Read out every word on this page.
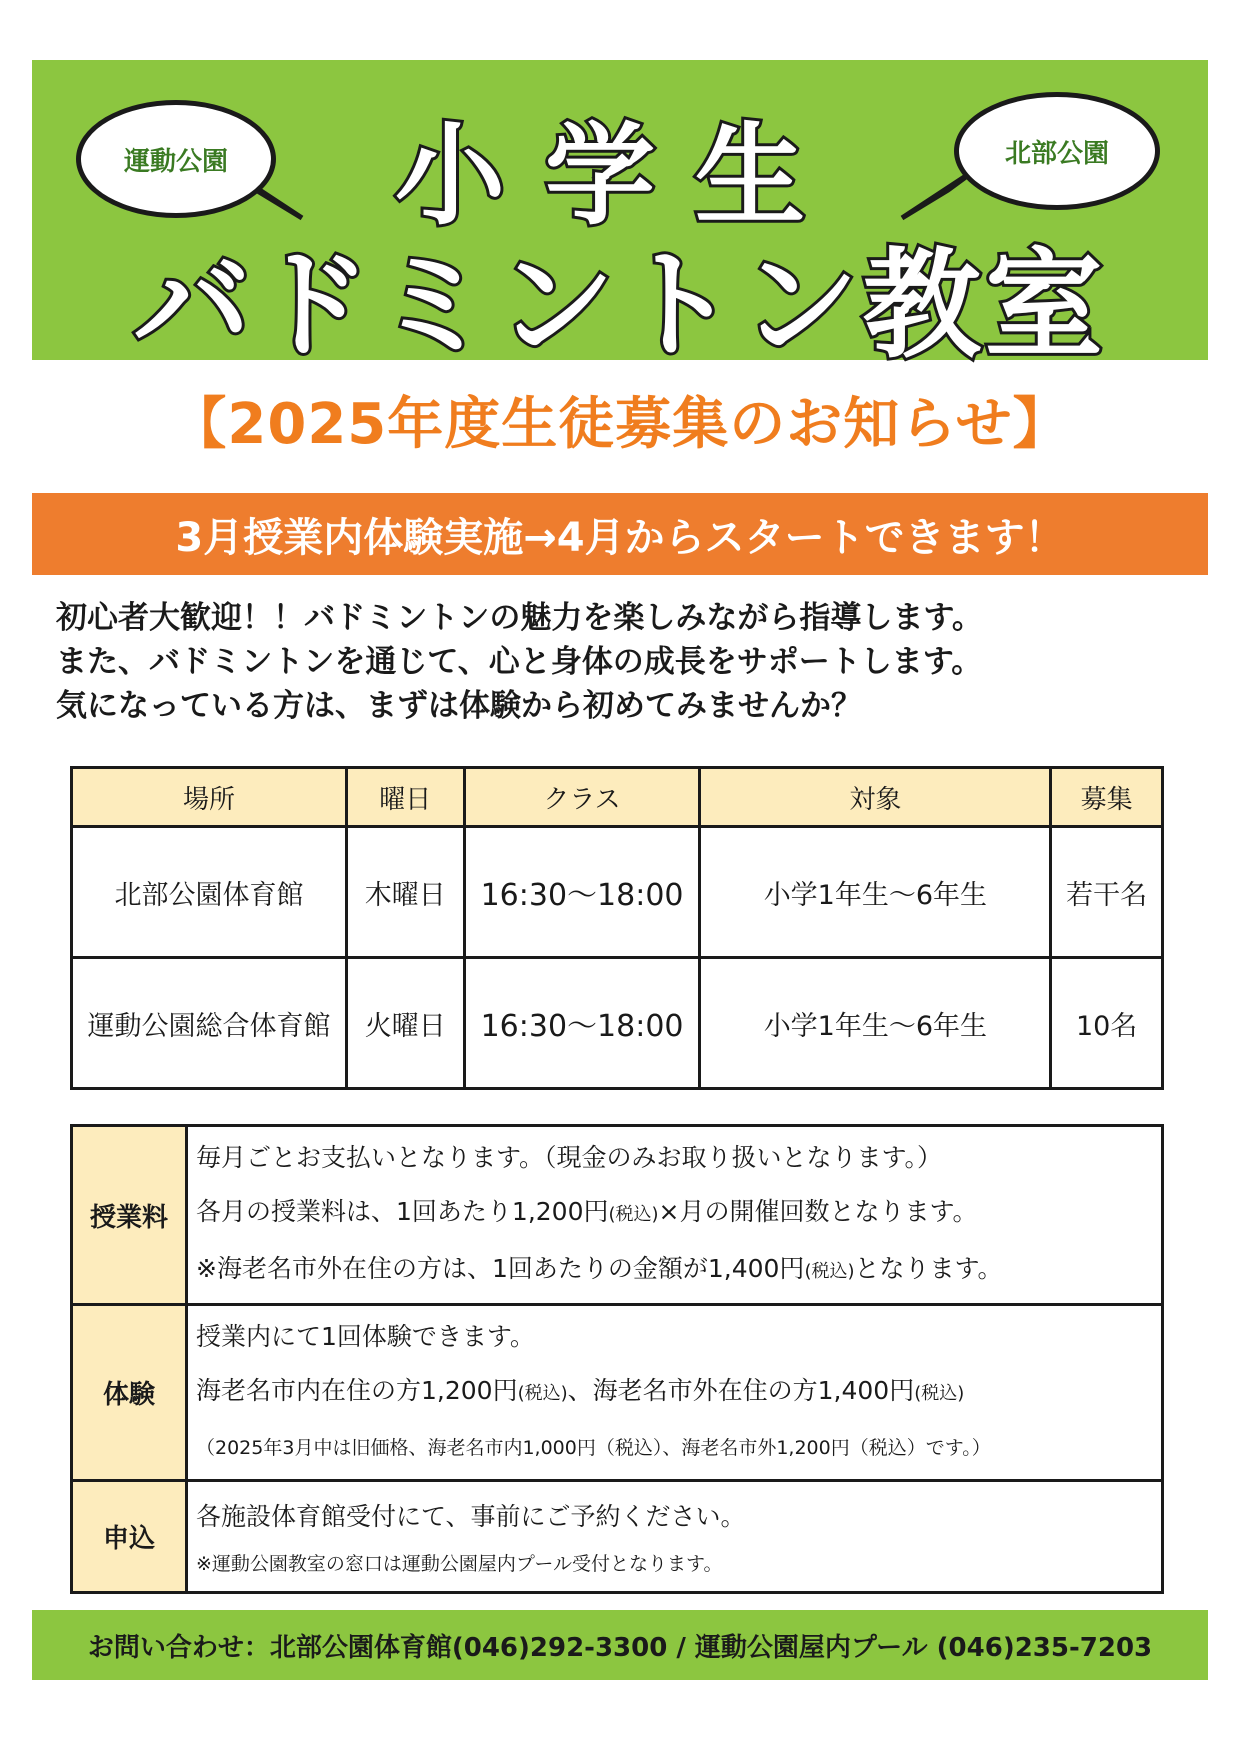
運動公園	北部公園
小学生
バドミントン教室
【2025年度生徒募集のお知らせ】
3月授業内体験実施→4月からスタートできます！
初心者大歓迎！！バドミントンの魅力を楽しみながら指導します。
また、バドミントンを通じて、心と身体の成長をサポートします。
気になっている方は、まずは体験から初めてみませんか？
場所	曜日	クラス	対象	募集
北部公園体育館	木曜日	16:30〜18:00	小学1年生〜6年生	若干名
運動公園総合体育館	火曜日	16:30〜18:00	小学1年生〜6年生	10名
授業料	毎月ごとお支払いとなります。（現金のみお取り扱いとなります。）
各月の授業料は、1回あたり1,200円(税込)×月の開催回数となります。
※海老名市外在住の方は、1回あたりの金額が1,400円(税込)となります。

体験	授業内にて1回体験できます。
海老名市内在住の方1,200円(税込)、海老名市外在住の方1,400円(税込)
（2025年3月中は旧価格、海老名市内1,000円（税込）、海老名市外1,200円（税込）です。）

申込	各施設体育館受付にて、事前にご予約ください。
※運動公園教室の窓口は運動公園屋内プール受付となります。
お問い合わせ：北部公園体育館(046)292-3300 / 運動公園屋内プール (046)235-7203
